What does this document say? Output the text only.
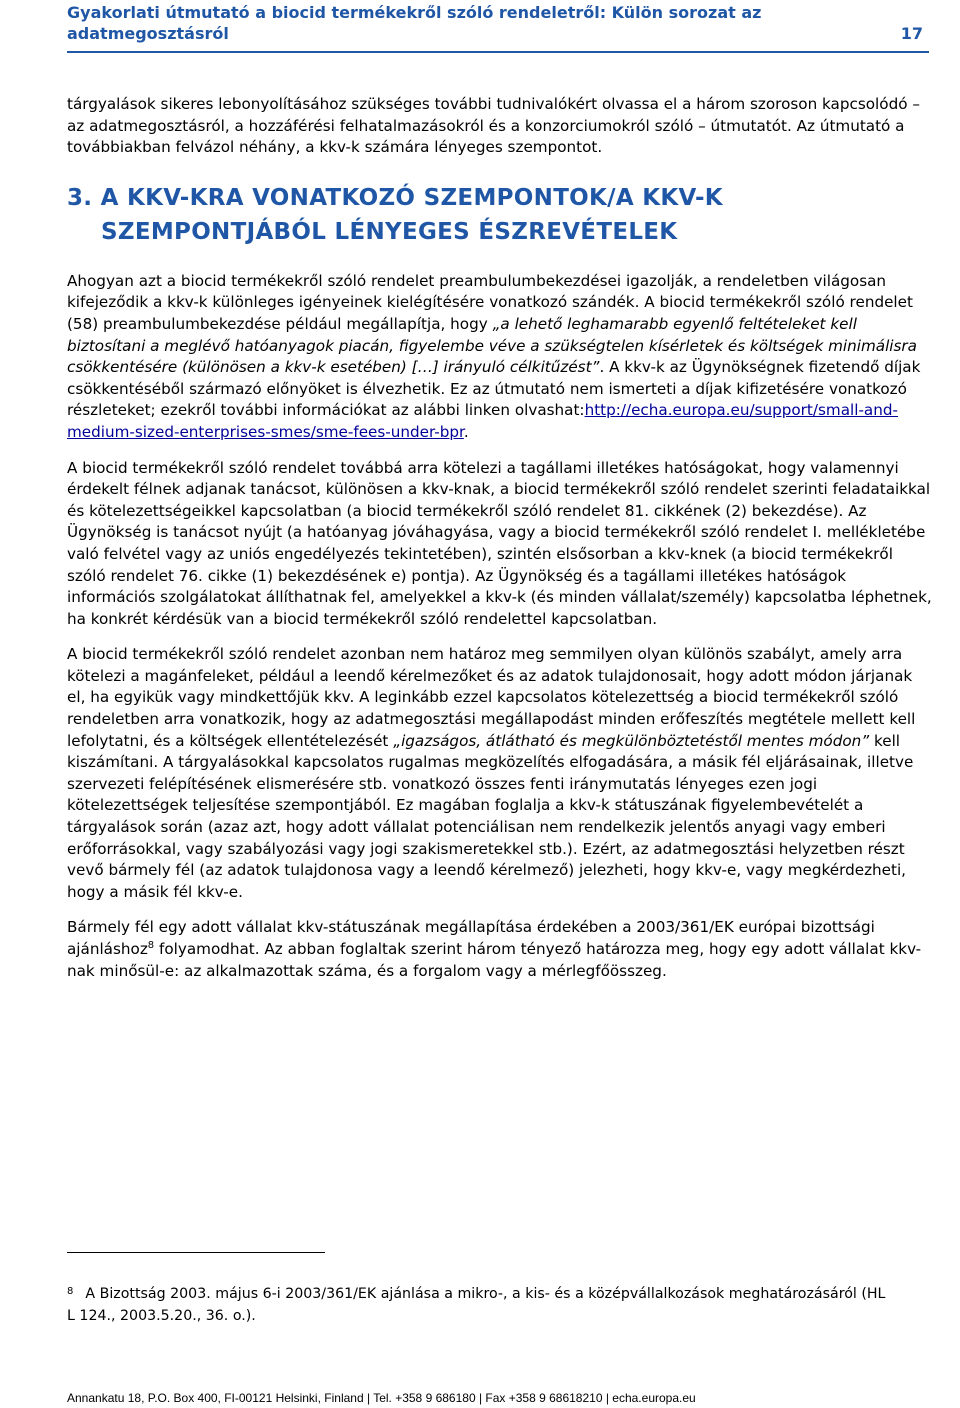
Gyakorlati útmutató a biocid termékekről szóló rendeletről: Külön sorozat az adatmegosztásról	17

tárgyalások sikeres lebonyolításához szükséges további tudnivalókért olvassa el a három szoroson kapcsolódó – az adatmegosztásról, a hozzáférési felhatalmazásokról és a konzorciumokról szóló – útmutatót. Az útmutató a továbbiakban felvázol néhány, a kkv-k számára lényeges szempontot.

3. A KKV-KRA VONATKOZÓ SZEMPONTOK/A KKV-K SZEMPONTJÁBÓL LÉNYEGES ÉSZREVÉTELEK

Ahogyan azt a biocid termékekről szóló rendelet preambulumbekezdései igazolják, a rendeletben világosan kifejeződik a kkv-k különleges igényeinek kielégítésére vonatkozó szándék. A biocid termékekről szóló rendelet (58) preambulumbekezdése például megállapítja, hogy „a lehető leghamarabb egyenlő feltételeket kell biztosítani a meglévő hatóanyagok piacán, figyelembe véve a szükségtelen kísérletek és költségek minimálisra csökkentésére (különösen a kkv-k esetében) […] irányuló célkitűzést”. A kkv-k az Ügynökségnek fizetendő díjak csökkentéséből származó előnyöket is élvezhetik. Ez az útmutató nem ismerteti a díjak kifizetésére vonatkozó részleteket; ezekről további információkat az alábbi linken olvashat:http://echa.europa.eu/support/small-and-medium-sized-enterprises-smes/sme-fees-under-bpr.

A biocid termékekről szóló rendelet továbbá arra kötelezi a tagállami illetékes hatóságokat, hogy valamennyi érdekelt félnek adjanak tanácsot, különösen a kkv-knak, a biocid termékekről szóló rendelet szerinti feladataikkal és kötelezettségeikkel kapcsolatban (a biocid termékekről szóló rendelet 81. cikkének (2) bekezdése). Az Ügynökség is tanácsot nyújt (a hatóanyag jóváhagyása, vagy a biocid termékekről szóló rendelet I. mellékletébe való felvétel vagy az uniós engedélyezés tekintetében), szintén elsősorban a kkv-knek (a biocid termékekről szóló rendelet 76. cikke (1) bekezdésének e) pontja). Az Ügynökség és a tagállami illetékes hatóságok információs szolgálatokat állíthatnak fel, amelyekkel a kkv-k (és minden vállalat/személy) kapcsolatba léphetnek, ha konkrét kérdésük van a biocid termékekről szóló rendelettel kapcsolatban.

A biocid termékekről szóló rendelet azonban nem határoz meg semmilyen olyan különös szabályt, amely arra kötelezi a magánfeleket, például a leendő kérelmezőket és az adatok tulajdonosait, hogy adott módon járjanak el, ha egyikük vagy mindkettőjük kkv. A leginkább ezzel kapcsolatos kötelezettség a biocid termékekről szóló rendeletben arra vonatkozik, hogy az adatmegosztási megállapodást minden erőfeszítés megtétele mellett kell lefolytatni, és a költségek ellentételezését „igazságos, átlátható és megkülönböztetéstől mentes módon” kell kiszámítani. A tárgyalásokkal kapcsolatos rugalmas megközelítés elfogadására, a másik fél eljárásainak, illetve szervezeti felépítésének elismerésére stb. vonatkozó összes fenti iránymutatás lényeges ezen jogi kötelezettségek teljesítése szempontjából. Ez magában foglalja a kkv-k státuszának figyelembevételét a tárgyalások során (azaz azt, hogy adott vállalat potenciálisan nem rendelkezik jelentős anyagi vagy emberi erőforrásokkal, vagy szabályozási vagy jogi szakismeretekkel stb.). Ezért, az adatmegosztási helyzetben részt vevő bármely fél (az adatok tulajdonosa vagy a leendő kérelmező) jelezheti, hogy kkv-e, vagy megkérdezheti, hogy a másik fél kkv-e.

Bármely fél egy adott vállalat kkv-státuszának megállapítása érdekében a 2003/361/EK európai bizottsági ajánláshoz$^8$ folyamodhat. Az abban foglaltak szerint három tényező határozza meg, hogy egy adott vállalat kkv-nak minősül-e: az alkalmazottak száma, és a forgalom vagy a mérlegfőösszeg.

$^8$ A Bizottság 2003. május 6-i 2003/361/EK ajánlása a mikro-, a kis- és a középvállalkozások meghatározásáról (HL L 124., 2003.5.20., 36. o.).
Annankatu 18, P.O. Box 400, FI-00121 Helsinki, Finland | Tel. +358 9 686180 | Fax +358 9 68618210 | echa.europa.eu
